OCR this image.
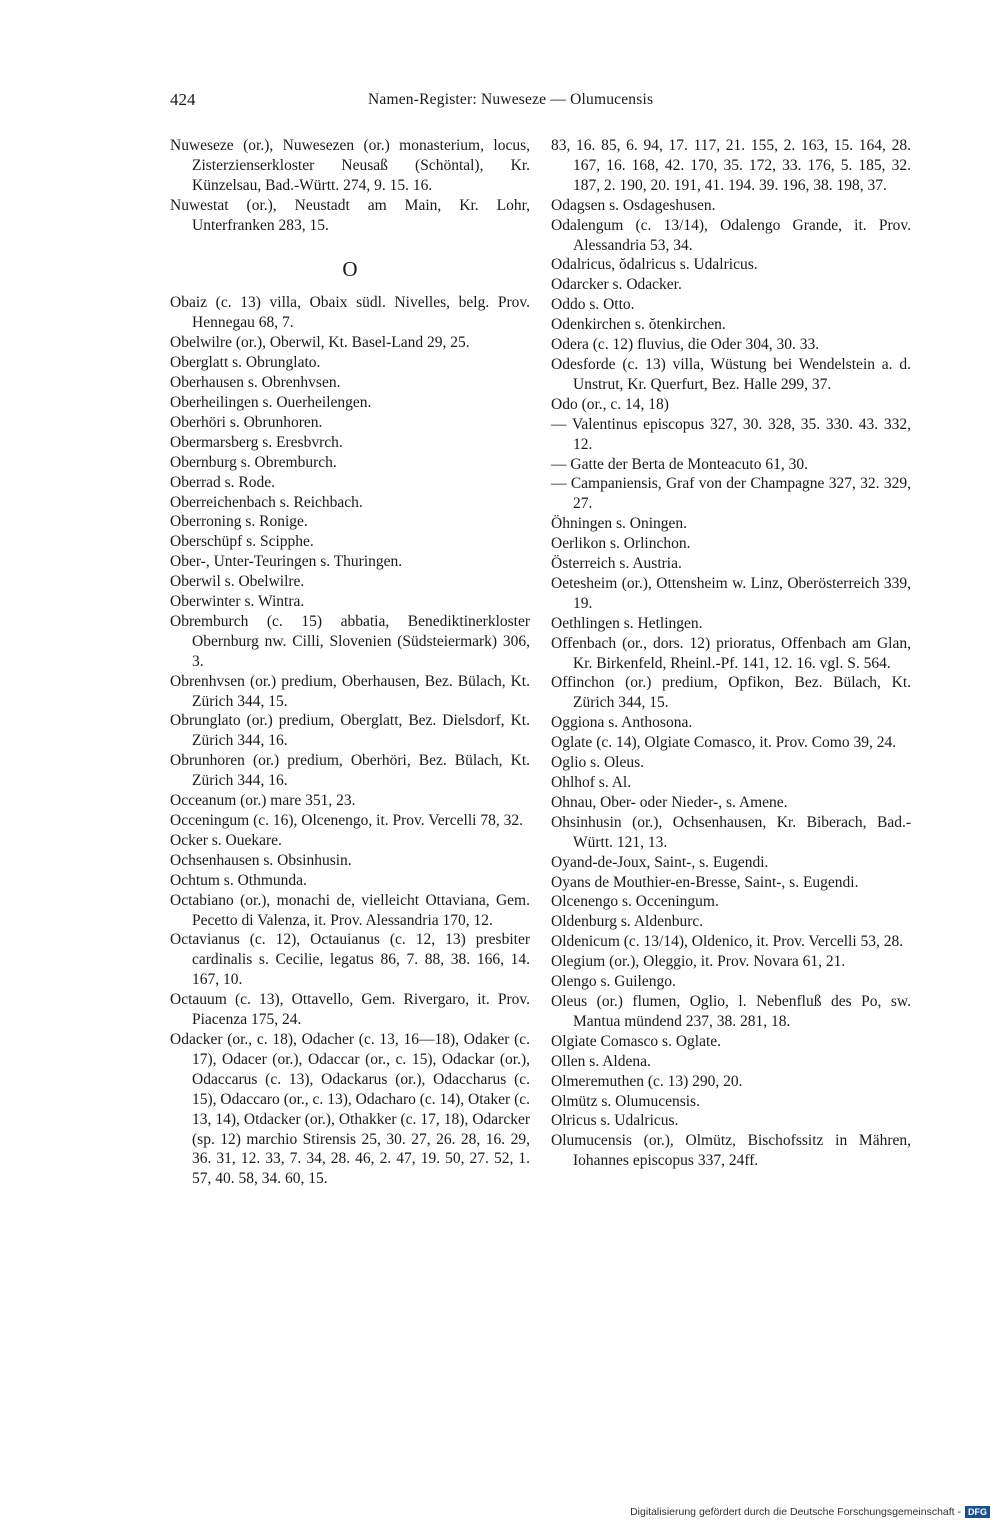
424	Namen-Register: Nuweseze — Olumucensis

Nuweseze (or.), Nuwesezen (or.) monasterium, locus, Zisterzienserkloster Neusaß (Schöntal), Kr. Künzelsau, Bad.-Württ. 274, 9. 15. 16.

Nuwestat (or.), Neustadt am Main, Kr. Lohr, Unterfranken 283, 15.

O

Obaiz (c. 13) villa, Obaix südl. Nivelles, belg. Prov. Hennegau 68, 7.

Obelwilre (or.), Oberwil, Kt. Basel-Land 29, 25.

Oberglatt s. Obrunglato.

Oberhausen s. Obrenhvsen.

Oberheilingen s. Ouerheilengen.

Oberhöri s. Obrunhoren.

Obermarsberg s. Eresbvrch.

Obernburg s. Obremburch.

Oberrad s. Rode.

Oberreichenbach s. Reichbach.

Oberroning s. Ronige.

Oberschüpf s. Scipphe.

Ober-, Unter-Teuringen s. Thuringen.

Oberwil s. Obelwilre.

Oberwinter s. Wintra.

Obremburch (c. 15) abbatia, Benediktinerkloster Obernburg nw. Cilli, Slovenien (Südsteiermark) 306, 3.

Obrenhvsen (or.) predium, Oberhausen, Bez. Bülach, Kt. Zürich 344, 15.

Obrunglato (or.) predium, Oberglatt, Bez. Dielsdorf, Kt. Zürich 344, 16.

Obrunhoren (or.) predium, Oberhöri, Bez. Bülach, Kt. Zürich 344, 16.

Occeanum (or.) mare 351, 23.

Occeningum (c. 16), Olcenengo, it. Prov. Vercelli 78, 32.

Ocker s. Ouekare.

Ochsenhausen s. Obsinhusin.

Ochtum s. Othmunda.

Octabiano (or.), monachi de, vielleicht Ottaviana, Gem. Pecetto di Valenza, it. Prov. Alessandria 170, 12.

Octavianus (c. 12), Octauianus (c. 12, 13) presbiter cardinalis s. Cecilie, legatus 86, 7. 88, 38. 166, 14. 167, 10.

Octauum (c. 13), Ottavello, Gem. Rivergaro, it. Prov. Piacenza 175, 24.

Odacker (or., c. 18), Odacher (c. 13, 16—18), Odaker (c. 17), Odacer (or.), Odaccar (or., c. 15), Odackar (or.), Odaccarus (c. 13), Odackarus (or.), Odaccharus (c. 15), Odaccaro (or., c. 13), Odacharo (c. 14), Otaker (c. 13, 14), Otdacker (or.), Othakker (c. 17, 18), Odarcker (sp. 12) marchio Stirensis 25, 30. 27, 26. 28, 16. 29, 36. 31, 12. 33, 7. 34, 28. 46, 2. 47, 19. 50, 27. 52, 1. 57, 40. 58, 34. 60, 15.

83, 16. 85, 6. 94, 17. 117, 21. 155, 2. 163, 15. 164, 28. 167, 16. 168, 42. 170, 35. 172, 33. 176, 5. 185, 32. 187, 2. 190, 20. 191, 41. 194. 39. 196, 38. 198, 37.

Odagsen s. Osdageshusen.

Odalengum (c. 13/14), Odalengo Grande, it. Prov. Alessandria 53, 34.

Odalricus, ŏdalricus s. Udalricus.

Odarcker s. Odacker.

Oddo s. Otto.

Odenkirchen s. ŏtenkirchen.

Odera (c. 12) fluvius, die Oder 304, 30. 33.

Odesforde (c. 13) villa, Wüstung bei Wendelstein a. d. Unstrut, Kr. Querfurt, Bez. Halle 299, 37.

Odo (or., c. 14, 18)

— Valentinus episcopus 327, 30. 328, 35. 330. 43. 332, 12.

— Gatte der Berta de Monteacuto 61, 30.

— Campaniensis, Graf von der Champagne 327, 32. 329, 27.

Öhningen s. Oningen.

Oerlikon s. Orlinchon.

Österreich s. Austria.

Oetesheim (or.), Ottensheim w. Linz, Oberösterreich 339, 19.

Oethlingen s. Hetlingen.

Offenbach (or., dors. 12) prioratus, Offenbach am Glan, Kr. Birkenfeld, Rheinl.-Pf. 141, 12. 16. vgl. S. 564.

Offinchon (or.) predium, Opfikon, Bez. Bülach, Kt. Zürich 344, 15.

Oggiona s. Anthosona.

Oglate (c. 14), Olgiate Comasco, it. Prov. Como 39, 24.

Oglio s. Oleus.

Ohlhof s. Al.

Ohnau, Ober- oder Nieder-, s. Amene.

Ohsinhusin (or.), Ochsenhausen, Kr. Biberach, Bad.-Württ. 121, 13.

Oyand-de-Joux, Saint-, s. Eugendi.

Oyans de Mouthier-en-Bresse, Saint-, s. Eugendi.

Olcenengo s. Occeningum.

Oldenburg s. Aldenburc.

Oldenicum (c. 13/14), Oldenico, it. Prov. Vercelli 53, 28.

Olegium (or.), Oleggio, it. Prov. Novara 61, 21.

Olengo s. Guilengo.

Oleus (or.) flumen, Oglio, l. Nebenfluß des Po, sw. Mantua mündend 237, 38. 281, 18.

Olgiate Comasco s. Oglate.

Ollen s. Aldena.

Olmeremuthen (c. 13) 290, 20.

Olmütz s. Olumucensis.

Olricus s. Udalricus.

Olumucensis (or.), Olmütz, Bischofssitz in Mähren, Iohannes episcopus 337, 24ff.

Digitalisierung gefördert durch die Deutsche Forschungsgemeinschaft - DFG
